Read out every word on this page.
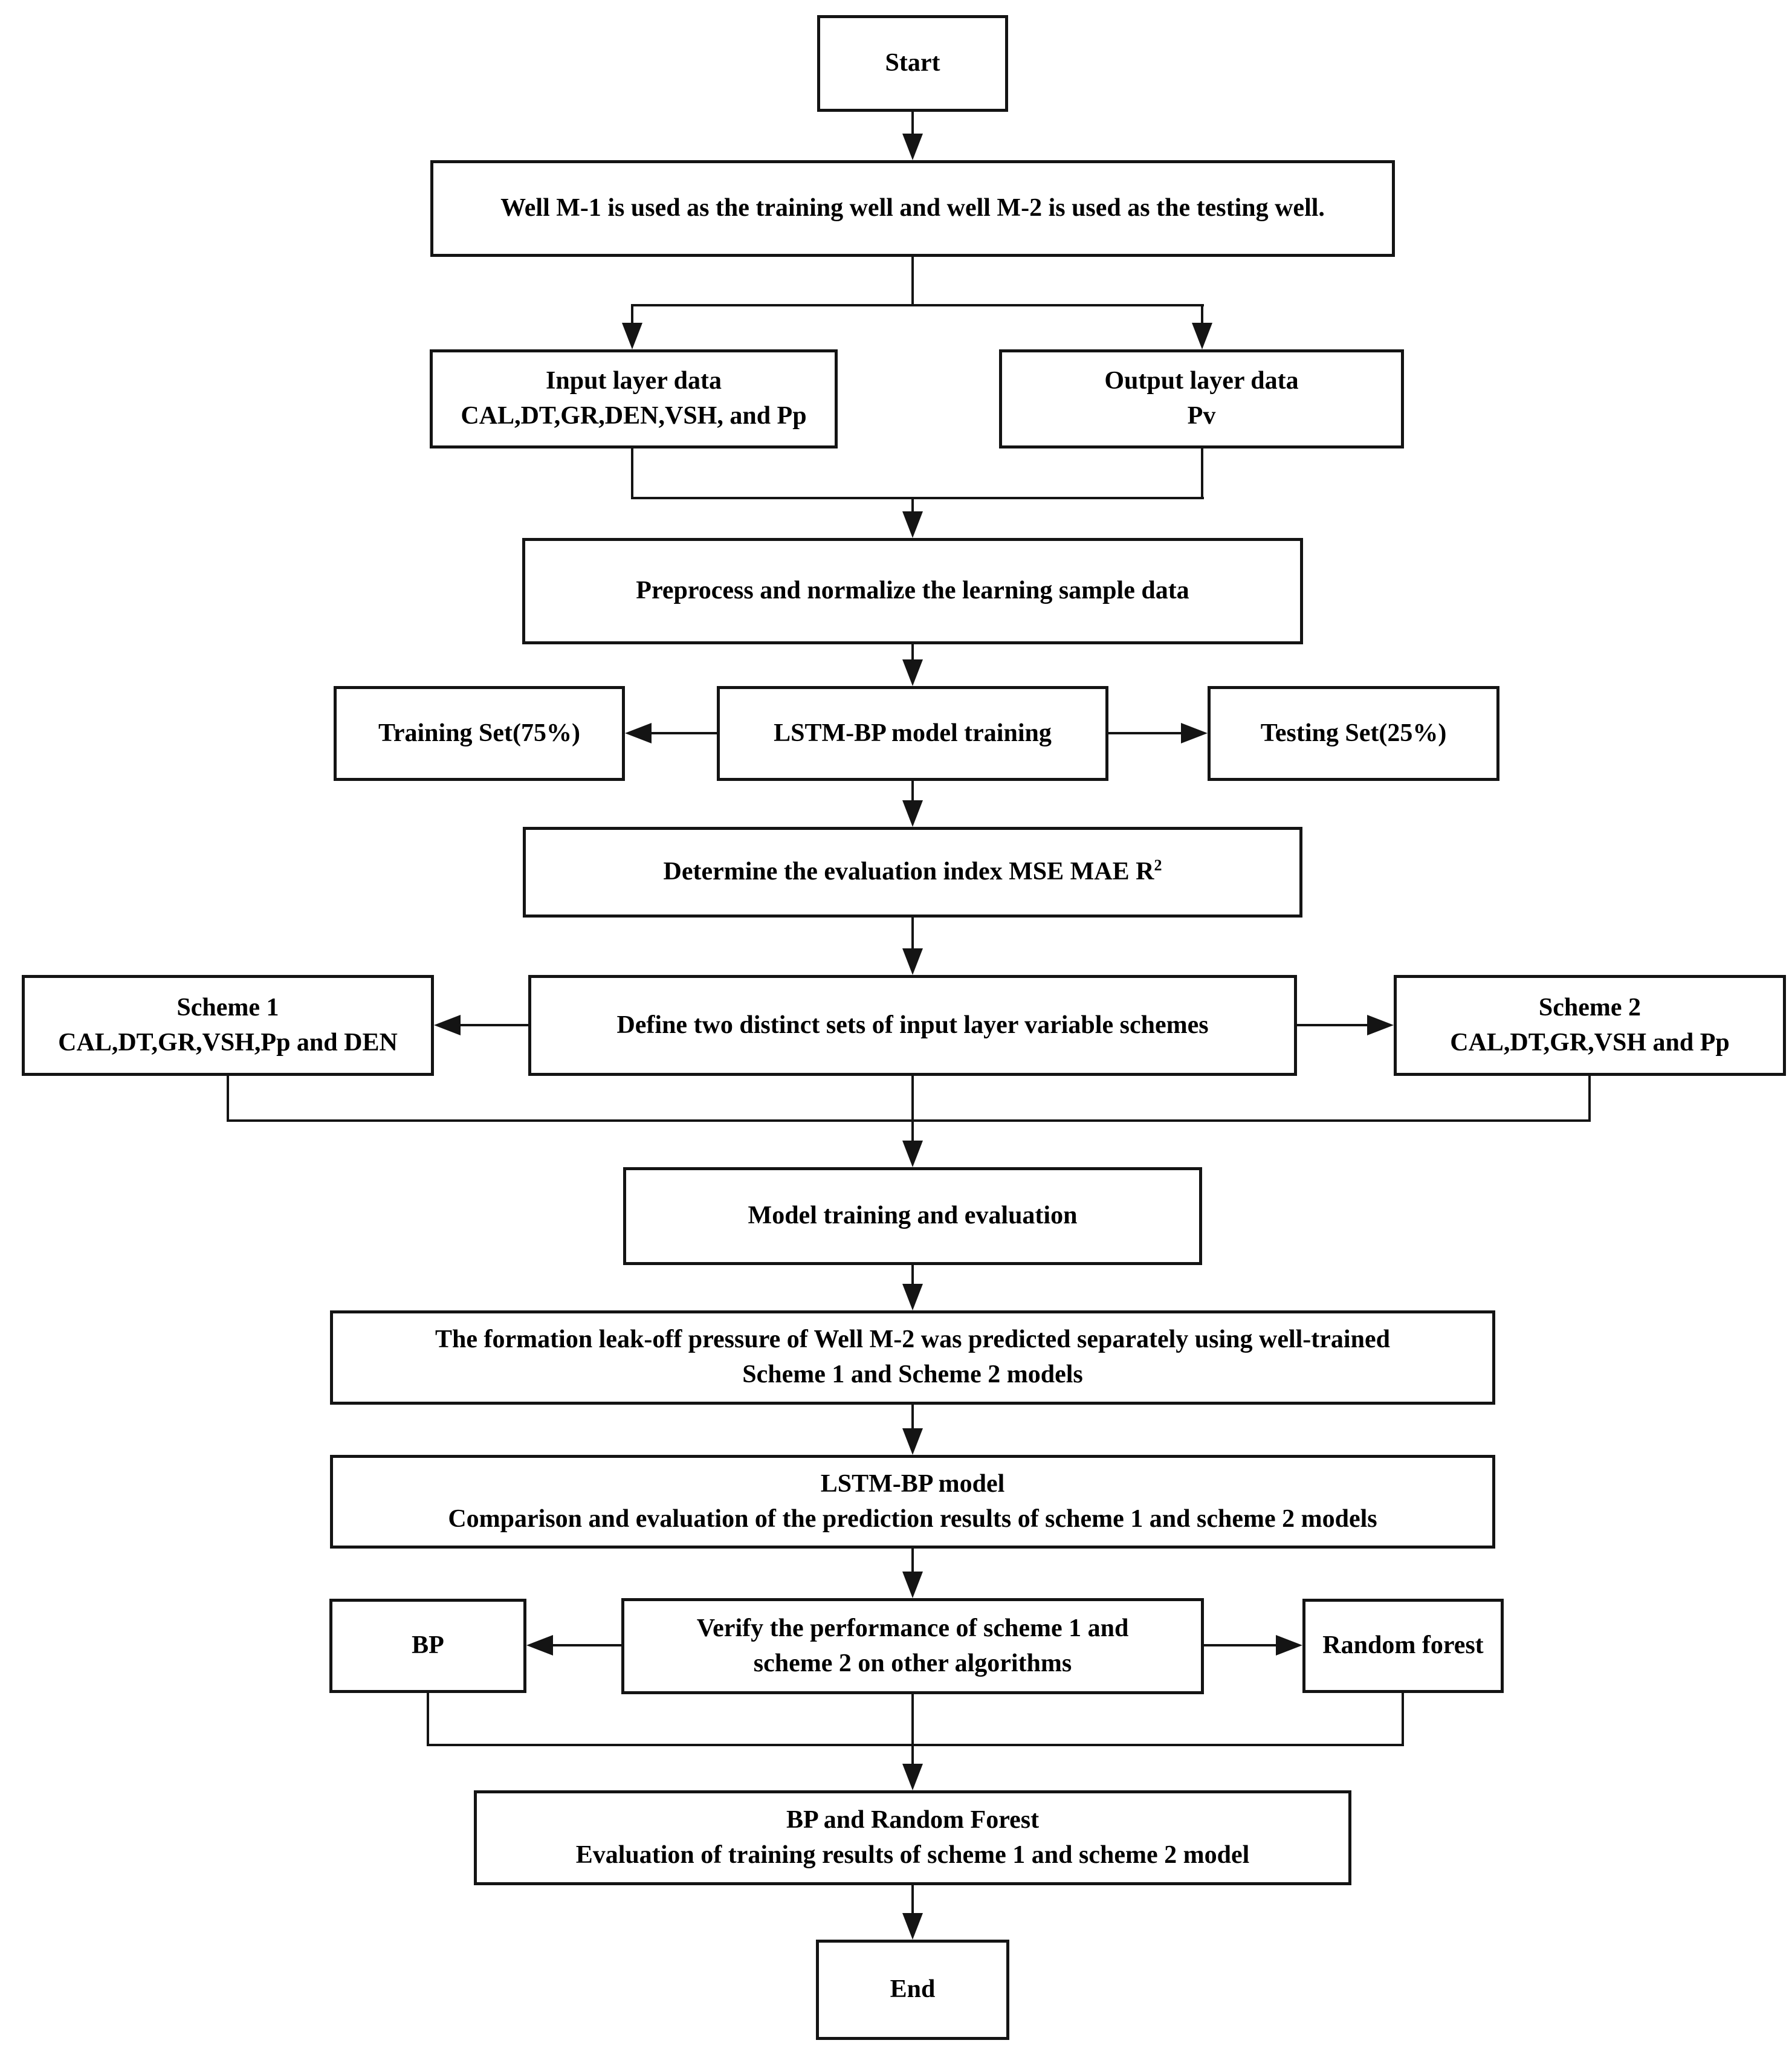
Start
Well M-1 is used as the training well and well M-2 is used as the testing well.
Input layer data
CAL,DT,GR,DEN,VSH, and Pp
Output layer data
Pv
Preprocess and normalize the learning sample data
Training Set(75%)	LSTM-BP model training	Testing Set(25%)
Determine the evaluation index MSE MAE $R^2$
Scheme 1
CAL,DT,GR,VSH,Pp and DEN
Define two distinct sets of input layer variable schemes
Scheme 2
CAL,DT,GR,VSH and Pp
Model training and evaluation
The formation leak-off pressure of Well M-2 was predicted separately using well-trained
Scheme 1 and Scheme 2 models
LSTM-BP model
Comparison and evaluation of the prediction results of scheme 1 and scheme 2 models
BP
Verify the performance of scheme 1 and
scheme 2 on other algorithms
Random forest
BP and Random Forest
Evaluation of training results of scheme 1 and scheme 2 model
End
